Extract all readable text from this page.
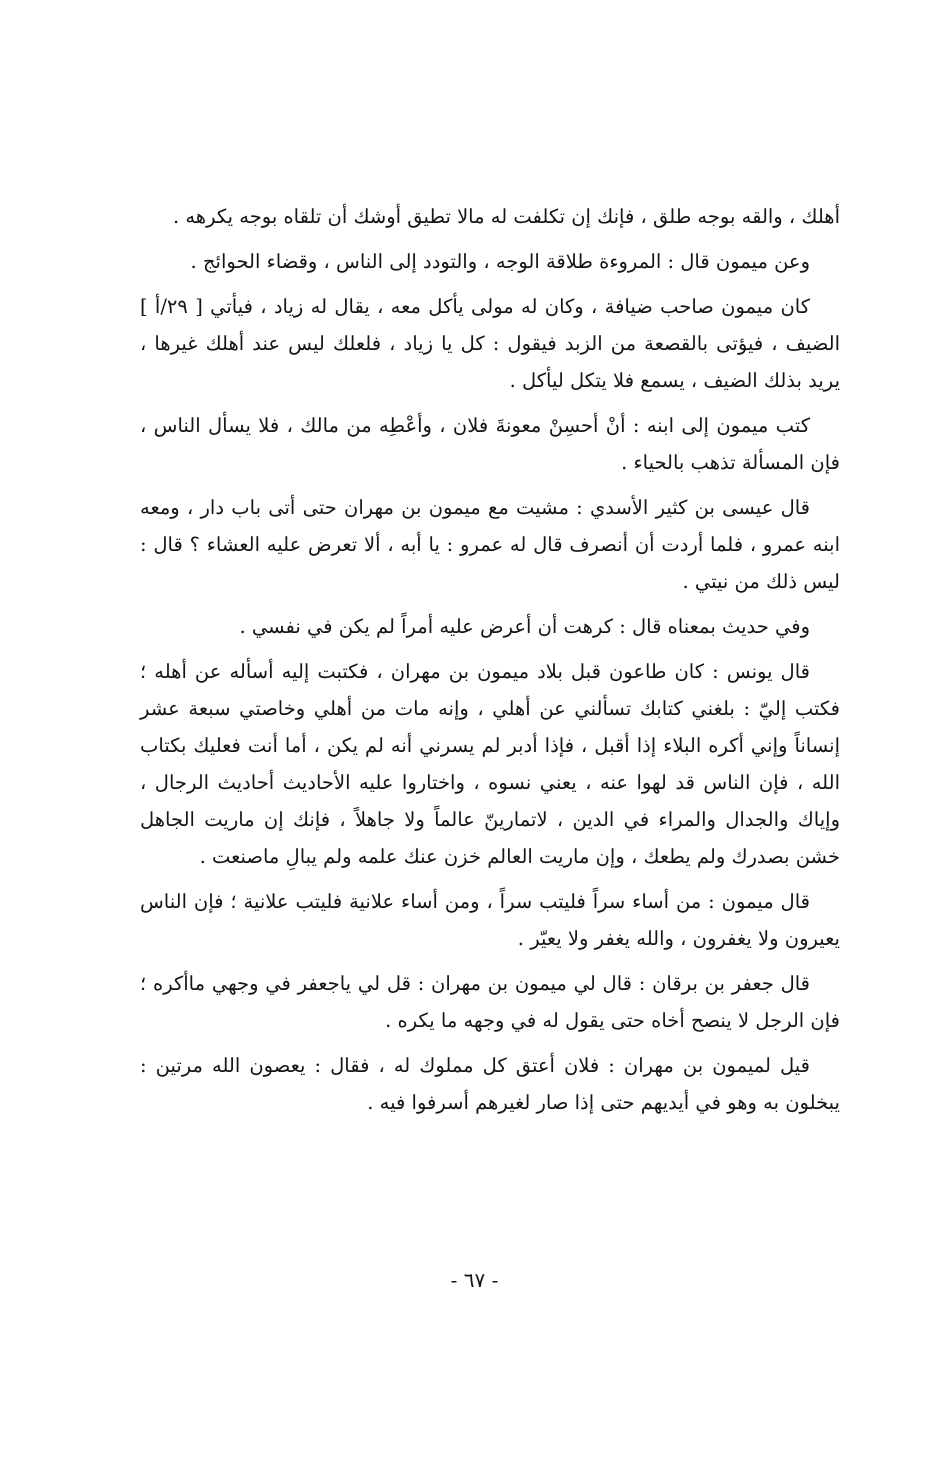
أهلك ، والقه بوجه طلق ، فإنك إن تكلفت له مالا تطيق أوشك أن تلقاه بوجه يكرهه .

وعن ميمون قال : المروءة طلاقة الوجه ، والتودد إلى الناس ، وقضاء الحوائج .

كان ميمون صاحب ضيافة ، وكان له مولى يأكل معه ، يقال له زياد ، فيأتي [ ٢٩/أ ] الضيف ، فيؤتى بالقصعة من الزبد فيقول : كل يا زياد ، فلعلك ليس عند أهلك غيرها ، يريد بذلك الضيف ، يسمع فلا يتكل ليأكل .

كتب ميمون إلى ابنه : أنْ أحسِنْ معونةَ فلان ، وأعْطِه من مالك ، فلا يسأل الناس ، فإن المسألة تذهب بالحياء .

قال عيسى بن كثير الأسدي : مشيت مع ميمون بن مهران حتى أتى باب دار ، ومعه ابنه عمرو ، فلما أردت أن أنصرف قال له عمرو : يا أبه ، ألا تعرض عليه العشاء ؟ قال : ليس ذلك من نيتي .

وفي حديث بمعناه قال : كرهت أن أعرض عليه أمراً لم يكن في نفسي .

قال يونس : كان طاعون قبل بلاد ميمون بن مهران ، فكتبت إليه أسأله عن أهله ؛ فكتب إليّ : بلغني كتابك تسألني عن أهلي ، وإنه مات من أهلي وخاصتي سبعة عشر إنساناً وإني أكره البلاء إذا أقبل ، فإذا أدبر لم يسرني أنه لم يكن ، أما أنت فعليك بكتاب الله ، فإن الناس قد لهوا عنه ، يعني نسوه ، واختاروا عليه الأحاديث أحاديث الرجال ، وإياك والجدال والمراء في الدين ، لاتمارينّ عالماً ولا جاهلاً ، فإنك إن ماريت الجاهل خشن بصدرك ولم يطعك ، وإن ماريت العالم خزن عنك علمه ولم يبالِ ماصنعت .

قال ميمون : من أساء سراً فليتب سراً ، ومن أساء علانية فليتب علانية ؛ فإن الناس يعيرون ولا يغفرون ، والله يغفر ولا يعيّر .

قال جعفر بن برقان : قال لي ميمون بن مهران : قل لي ياجعفر في وجهي ماأكره ؛ فإن الرجل لا ينصح أخاه حتى يقول له في وجهه ما يكره .

قيل لميمون بن مهران : فلان أعتق كل مملوك له ، فقال : يعصون الله مرتين : يبخلون به وهو في أيديهم حتى إذا صار لغيرهم أسرفوا فيه .

- ٦٧ -
